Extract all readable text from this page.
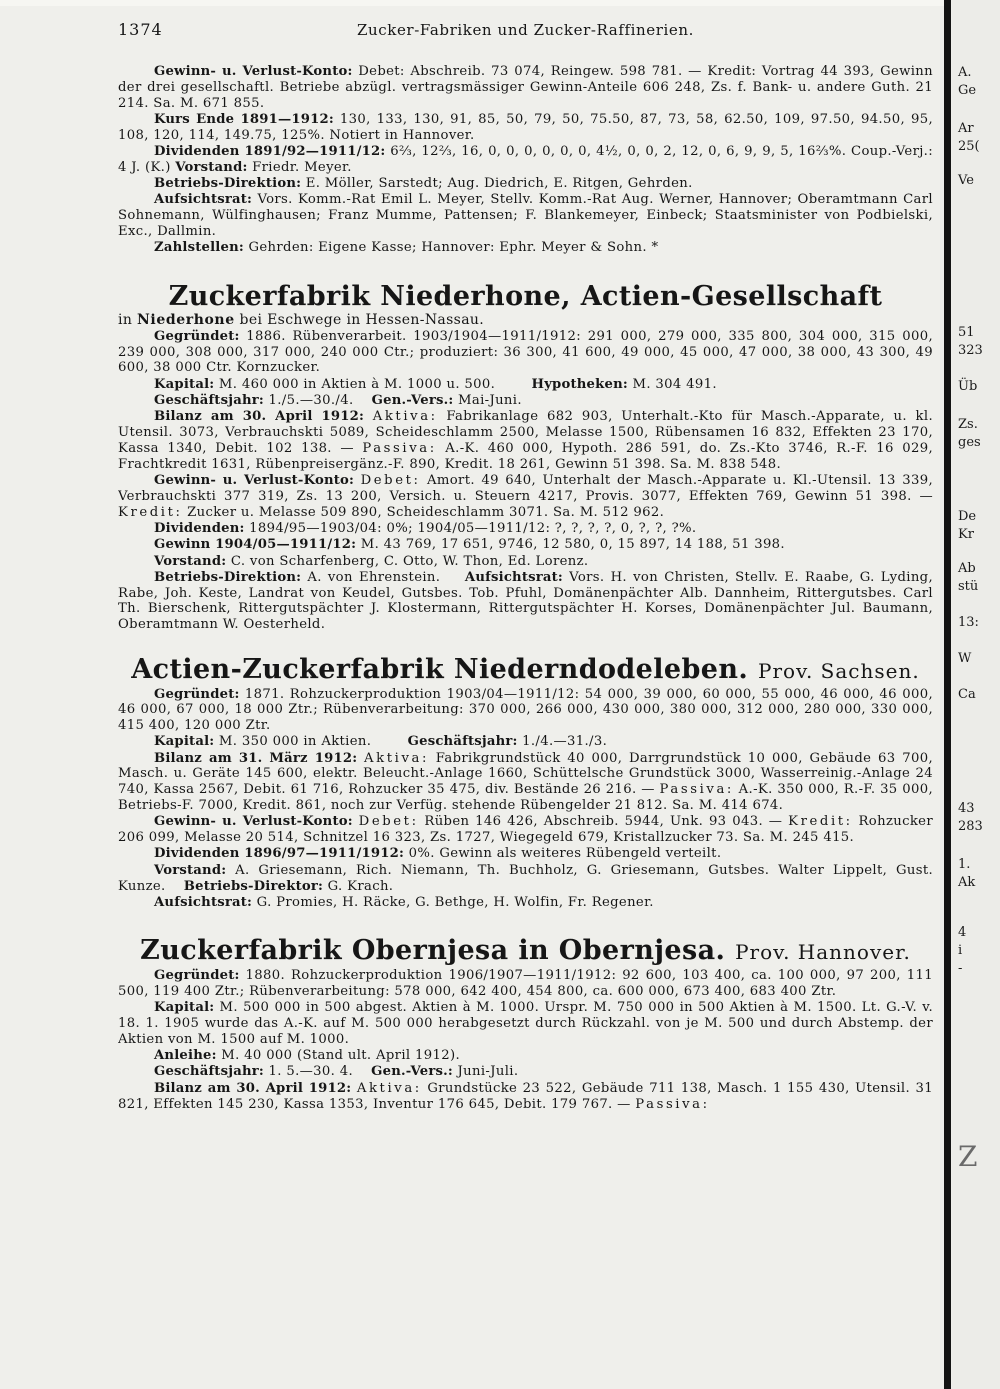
1374	Zucker-Fabriken und Zucker-Raffinerien.

Gewinn- u. Verlust-Konto: Debet: Abschreib. 73 074, Reingew. 598 781. — Kredit: Vortrag 44 393, Gewinn der drei gesellschaftl. Betriebe abzügl. vertragsmässiger Gewinn-Anteile 606 248, Zs. f. Bank- u. andere Guth. 21 214. Sa. M. 671 855.

Kurs Ende 1891—1912: 130, 133, 130, 91, 85, 50, 79, 50, 75.50, 87, 73, 58, 62.50, 109, 97.50, 94.50, 95, 108, 120, 114, 149.75, 125%. Notiert in Hannover.

Dividenden 1891/92—1911/12: 6⅔, 12⅔, 16, 0, 0, 0, 0, 0, 0, 4½, 0, 0, 2, 12, 0, 6, 9, 9, 5, 16⅔%. Coup.-Verj.: 4 J. (K.) Vorstand: Friedr. Meyer.

Betriebs-Direktion: E. Möller, Sarstedt; Aug. Diedrich, E. Ritgen, Gehrden.

Aufsichtsrat: Vors. Komm.-Rat Emil L. Meyer, Stellv. Komm.-Rat Aug. Werner, Hannover; Oberamtmann Carl Sohnemann, Wülfinghausen; Franz Mumme, Pattensen; F. Blankemeyer, Einbeck; Staatsminister von Podbielski, Exc., Dallmin.

Zahlstellen: Gehrden: Eigene Kasse; Hannover: Ephr. Meyer & Sohn. *

Zuckerfabrik Niederhone, Actien-Gesellschaft

in Niederhone bei Eschwege in Hessen-Nassau.

Gegründet: 1886. Rübenverarbeit. 1903/1904—1911/1912: 291 000, 279 000, 335 800, 304 000, 315 000, 239 000, 308 000, 317 000, 240 000 Ctr.; produziert: 36 300, 41 600, 49 000, 45 000, 47 000, 38 000, 43 300, 49 600, 38 000 Ctr. Kornzucker.

Kapital: M. 460 000 in Aktien à M. 1000 u. 500.	Hypotheken: M. 304 491.

Geschäftsjahr: 1./5.—30./4. Gen.-Vers.: Mai-Juni.

Bilanz am 30. April 1912: Aktiva: Fabrikanlage 682 903, Unterhalt.-Kto für Masch.-Apparate, u. kl. Utensil. 3073, Verbrauchskti 5089, Scheideschlamm 2500, Melasse 1500, Rübensamen 16 832, Effekten 23 170, Kassa 1340, Debit. 102 138. — Passiva: A.-K. 460 000, Hypoth. 286 591, do. Zs.-Kto 3746, R.-F. 16 029, Frachtkredit 1631, Rübenpreisergänz.-F. 890, Kredit. 18 261, Gewinn 51 398. Sa. M. 838 548.

Gewinn- u. Verlust-Konto: Debet: Amort. 49 640, Unterhalt der Masch.-Apparate u. Kl.-Utensil. 13 339, Verbrauchskti 377 319, Zs. 13 200, Versich. u. Steuern 4217, Provis. 3077, Effekten 769, Gewinn 51 398. — Kredit: Zucker u. Melasse 509 890, Scheideschlamm 3071. Sa. M. 512 962.

Dividenden: 1894/95—1903/04: 0%; 1904/05—1911/12: ?, ?, ?, ?, 0, ?, ?, ?%.

Gewinn 1904/05—1911/12: M. 43 769, 17 651, 9746, 12 580, 0, 15 897, 14 188, 51 398.

Vorstand: C. von Scharfenberg, C. Otto, W. Thon, Ed. Lorenz.

Betriebs-Direktion: A. von Ehrenstein. Aufsichtsrat: Vors. H. von Christen, Stellv. E. Raabe, G. Lyding, Rabe, Joh. Keste, Landrat von Keudel, Gutsbes. Tob. Pfuhl, Domänenpächter Alb. Dannheim, Rittergutsbes. Carl Th. Bierschenk, Rittergutspächter J. Klostermann, Rittergutspächter H. Korses, Domänenpächter Jul. Baumann, Oberamtmann W. Oesterheld.

Actien-Zuckerfabrik Niederndodeleben. Prov. Sachsen.

Gegründet: 1871. Rohzuckerproduktion 1903/04—1911/12: 54 000, 39 000, 60 000, 55 000, 46 000, 46 000, 46 000, 67 000, 18 000 Ztr.; Rübenverarbeitung: 370 000, 266 000, 430 000, 380 000, 312 000, 280 000, 330 000, 415 400, 120 000 Ztr.

Kapital: M. 350 000 in Aktien.	Geschäftsjahr: 1./4.—31./3.

Bilanz am 31. März 1912: Aktiva: Fabrikgrundstück 40 000, Darrgrundstück 10 000, Gebäude 63 700, Masch. u. Geräte 145 600, elektr. Beleucht.-Anlage 1660, Schüttelsche Grundstück 3000, Wasserreinig.-Anlage 24 740, Kassa 2567, Debit. 61 716, Rohzucker 35 475, div. Bestände 26 216. — Passiva: A.-K. 350 000, R.-F. 35 000, Betriebs-F. 7000, Kredit. 861, noch zur Verfüg. stehende Rübengelder 21 812. Sa. M. 414 674.

Gewinn- u. Verlust-Konto: Debet: Rüben 146 426, Abschreib. 5944, Unk. 93 043. — Kredit: Rohzucker 206 099, Melasse 20 514, Schnitzel 16 323, Zs. 1727, Wiegegeld 679, Kristallzucker 73. Sa. M. 245 415.

Dividenden 1896/97—1911/1912: 0%. Gewinn als weiteres Rübengeld verteilt.

Vorstand: A. Griesemann, Rich. Niemann, Th. Buchholz, G. Griesemann, Gutsbes. Walter Lippelt, Gust. Kunze. Betriebs-Direktor: G. Krach.

Aufsichtsrat: G. Promies, H. Räcke, G. Bethge, H. Wolfin, Fr. Regener.

Zuckerfabrik Obernjesa in Obernjesa. Prov. Hannover.

Gegründet: 1880. Rohzuckerproduktion 1906/1907—1911/1912: 92 600, 103 400, ca. 100 000, 97 200, 111 500, 119 400 Ztr.; Rübenverarbeitung: 578 000, 642 400, 454 800, ca. 600 000, 673 400, 683 400 Ztr.

Kapital: M. 500 000 in 500 abgest. Aktien à M. 1000. Urspr. M. 750 000 in 500 Aktien à M. 1500. Lt. G.-V. v. 18. 1. 1905 wurde das A.-K. auf M. 500 000 herabgesetzt durch Rückzahl. von je M. 500 und durch Abstemp. der Aktien von M. 1500 auf M. 1000.

Anleihe: M. 40 000 (Stand ult. April 1912).

Geschäftsjahr: 1. 5.—30. 4. Gen.-Vers.: Juni-Juli.

Bilanz am 30. April 1912: Aktiva: Grundstücke 23 522, Gebäude 711 138, Masch. 1 155 430, Utensil. 31 821, Effekten 145 230, Kassa 1353, Inventur 176 645, Debit. 179 767. — Passiva:

A.
Ge
Ar
25(
Ve
51
323
Üb
Zs.
ges
De
Kr
Ab
stü
13:
W
Ca
43
283
1.
Ak
4
i
-
Z
